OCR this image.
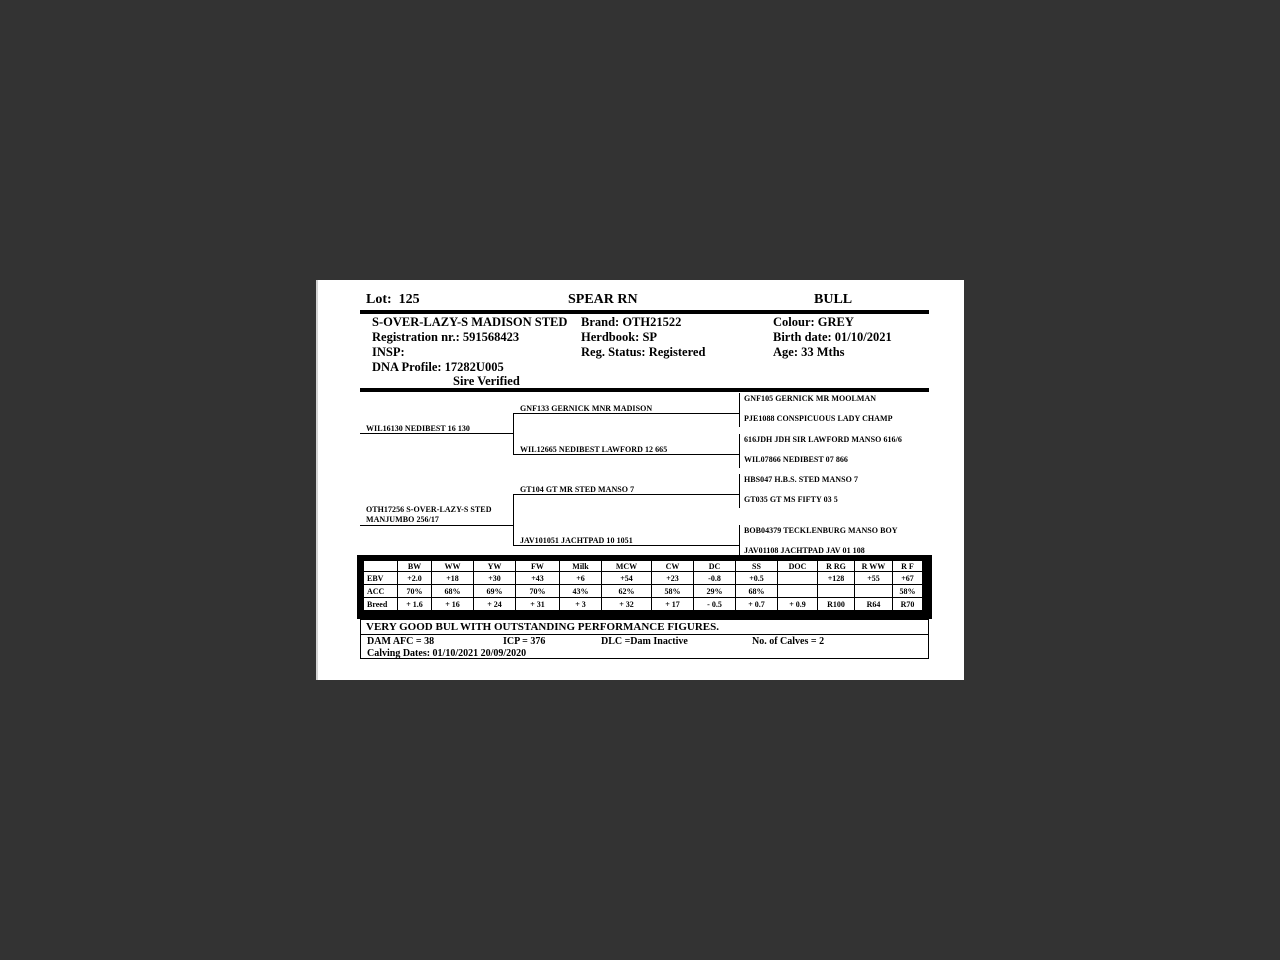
Lot: 125	SPEAR RN	BULL
S-OVER-LAZY-S MADISON STED
Registration nr.: 591568423
INSP:
DNA Profile: 17282U005
Sire Verified
Brand: OTH21522
Herdbook: SP
Reg. Status: Registered
Colour: GREY
Birth date: 01/10/2021
Age: 33 Mths
WIL16130 NEDIBEST 16 130
OTH17256 S-OVER-LAZY-S STED
MANJUMBO 256/17
GNF133 GERNICK MNR MADISON
WIL12665 NEDIBEST LAWFORD 12 665
GT104 GT MR STED MANSO 7
JAV101051 JACHTPAD 10 1051
GNF105 GERNICK MR MOOLMAN
PJE1088 CONSPICUOUS LADY CHAMP
616JDH JDH SIR LAWFORD MANSO 616/6
WIL07866 NEDIBEST 07 866
HBS047 H.B.S. STED MANSO 7
GT035 GT MS FIFTY 03 5
BOB04379 TECKLENBURG MANSO BOY
JAV01108 JACHTPAD JAV 01 108
	BW	WW	YW	FW	Milk	MCW	CW	DC	SS	DOC	R RG	R WW	R F
EBV	+2.0	+18	+30	+43	+6	+54	+23	-0.8	+0.5		+128	+55	+67
ACC	70%	68%	69%	70%	43%	62%	58%	29%	68%				58%
Breed	+ 1.6	+ 16	+ 24	+ 31	+ 3	+ 32	+ 17	- 0.5	+ 0.7	+ 0.9	R100	R64	R70
VERY GOOD BUL WITH OUTSTANDING PERFORMANCE FIGURES.
DAM AFC = 38	ICP = 376	DLC =Dam Inactive	No. of Calves = 2
Calving Dates: 01/10/2021 20/09/2020
